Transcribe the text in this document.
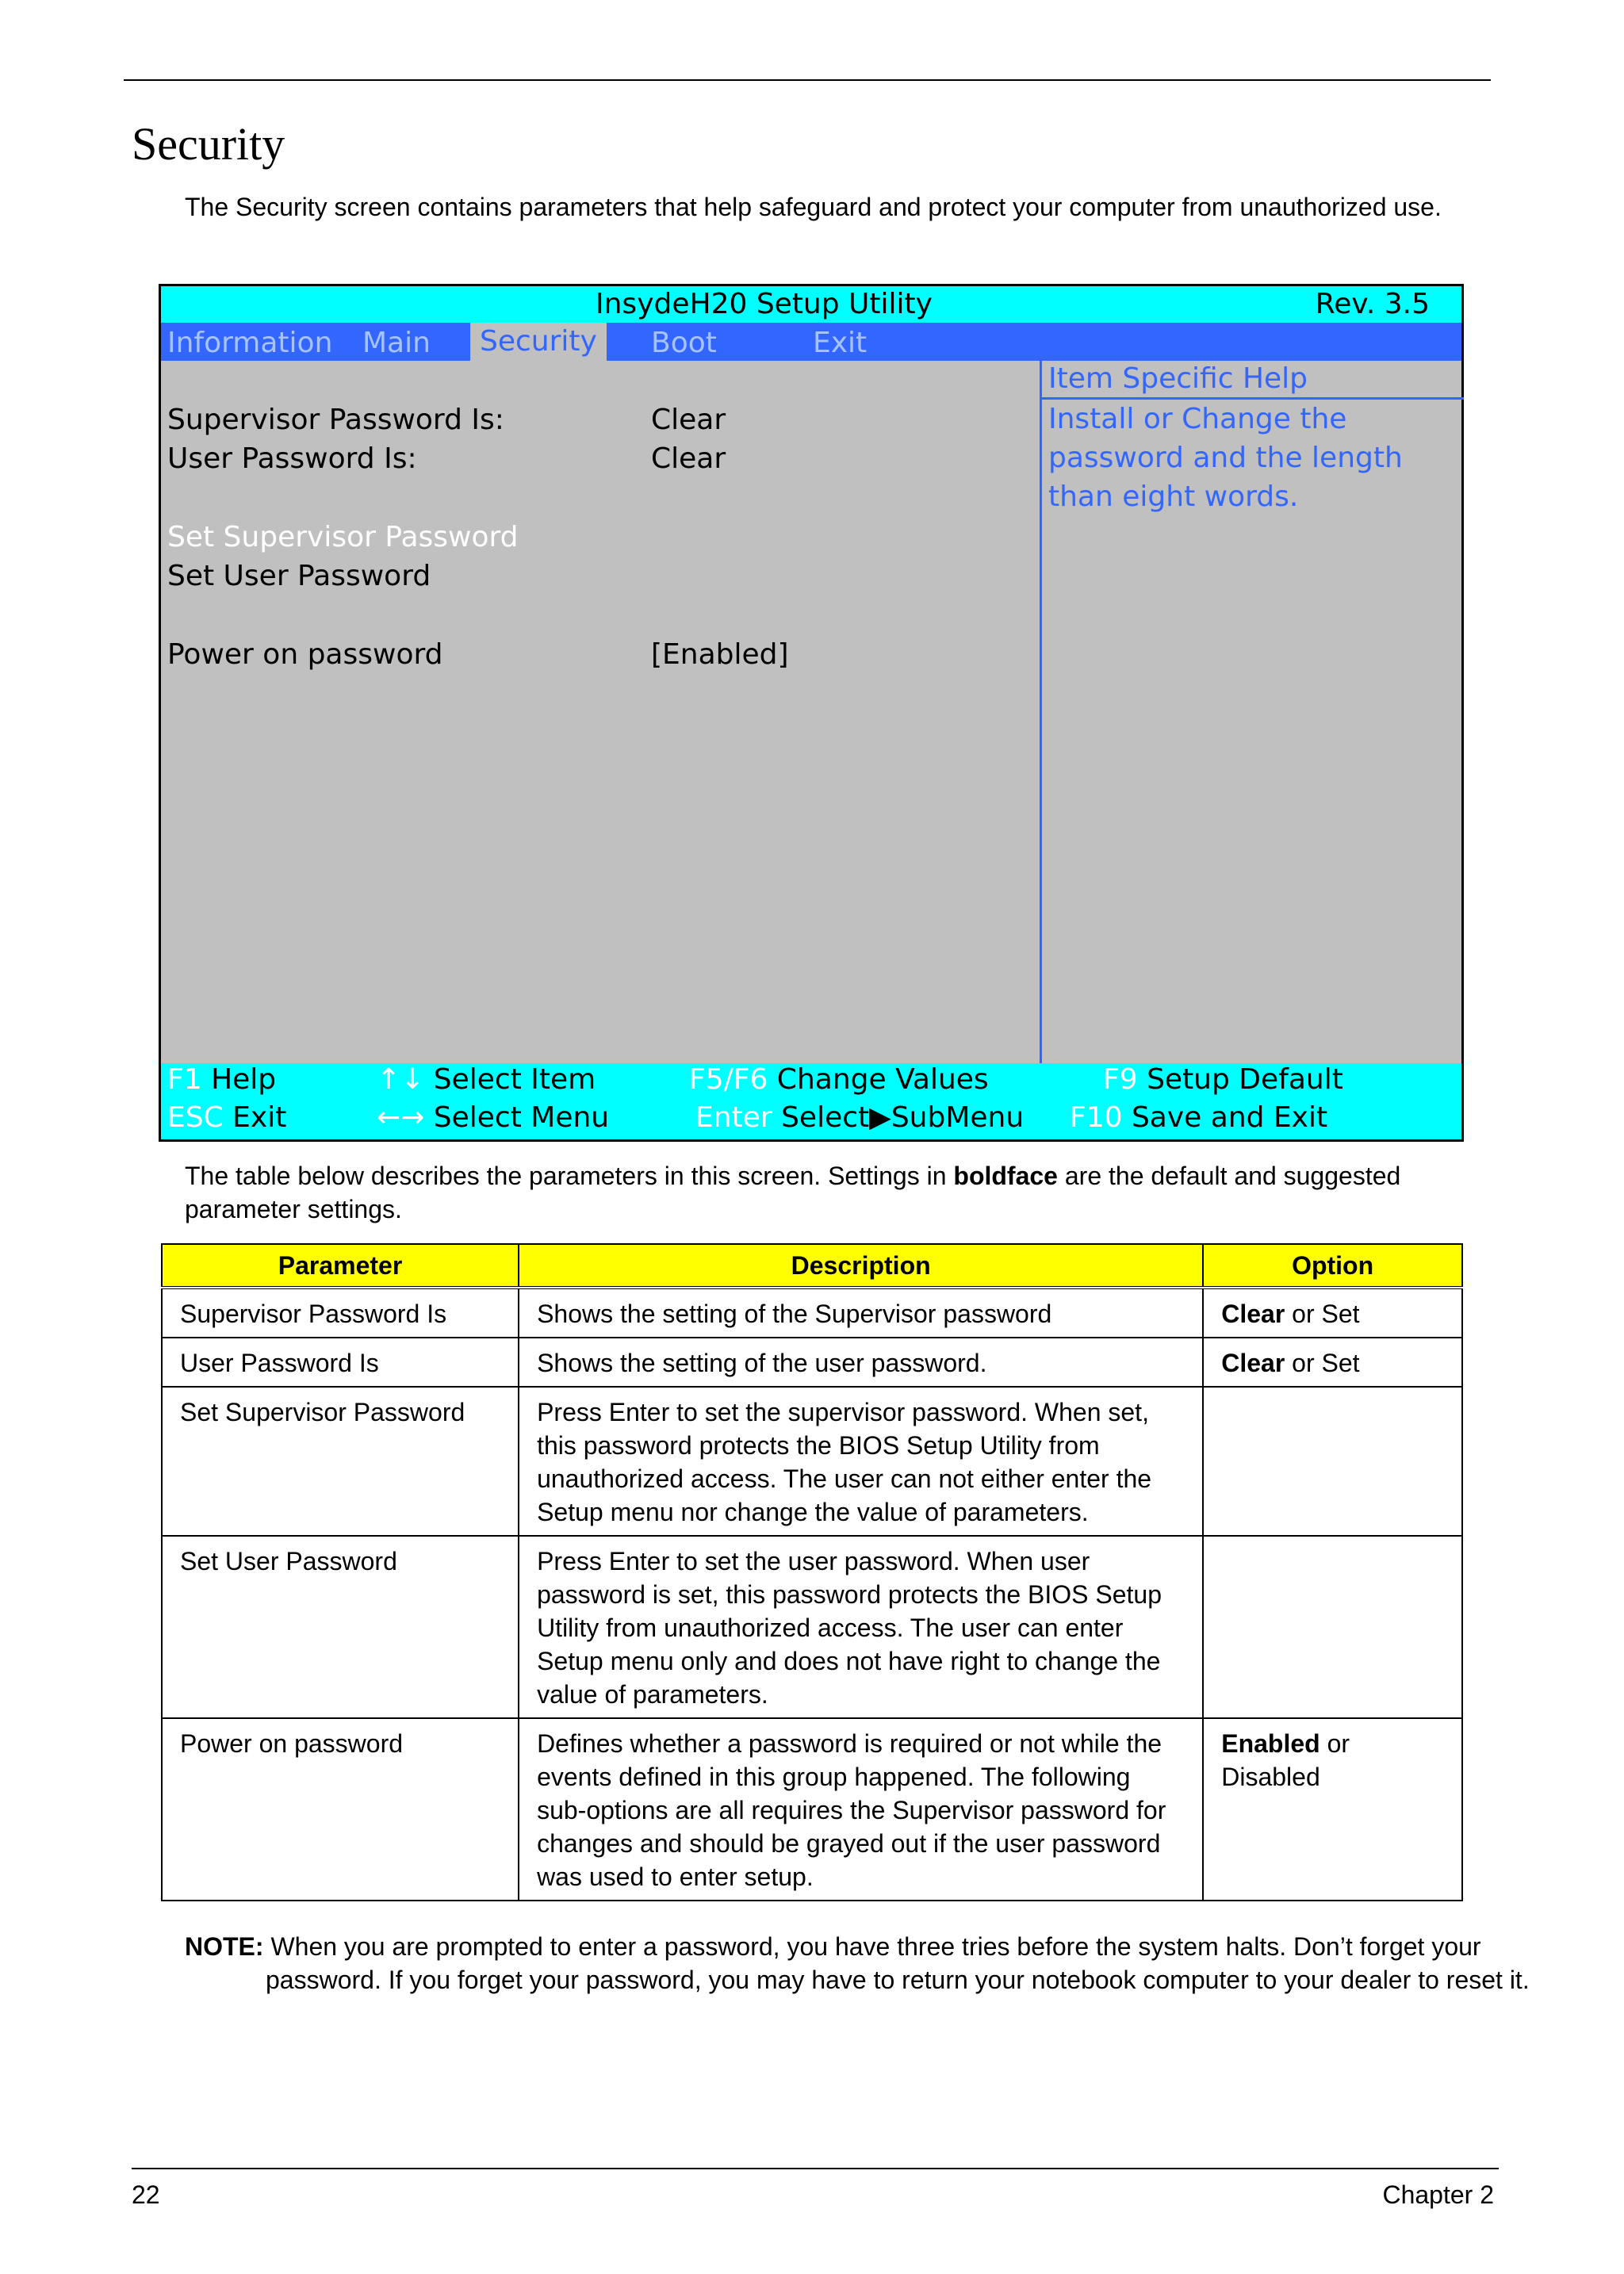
Security

The Security screen contains parameters that help safeguard and protect your computer from unauthorized use.

InsydeH20 Setup Utility	Rev. 3.5
Information Main	Security	Boot	Exit
Supervisor Password Is:	Clear
User Password Is:	Clear
Set Supervisor Password
Set User Password
Power on password	[Enabled]
Item Specific Help
Install or Change the
password and the length
than eight words.
F1 Help	↑↓ Select Item	F5/F6 Change Values	F9 Setup Default
ESC Exit	←→ Select Menu	Enter Select▶SubMenu F10 Save and Exit

The table below describes the parameters in this screen. Settings in boldface are the default and suggested parameter settings.

Parameter	Description	Option
Supervisor Password Is	Shows the setting of the Supervisor password	Clear or Set
User Password Is	Shows the setting of the user password.	Clear or Set
Set Supervisor Password	Press Enter to set the supervisor password. When set, this password protects the BIOS Setup Utility from unauthorized access. The user can not either enter the Setup menu nor change the value of parameters.	
Set User Password	Press Enter to set the user password. When user password is set, this password protects the BIOS Setup Utility from unauthorized access. The user can enter Setup menu only and does not have right to change the value of parameters.	
Power on password	Defines whether a password is required or not while the events defined in this group happened. The following sub-options are all requires the Supervisor password for changes and should be grayed out if the user password was used to enter setup.	Enabled or Disabled

NOTE: When you are prompted to enter a password, you have three tries before the system halts. Don’t forget your password. If you forget your password, you may have to return your notebook computer to your dealer to reset it.

22	Chapter 2
